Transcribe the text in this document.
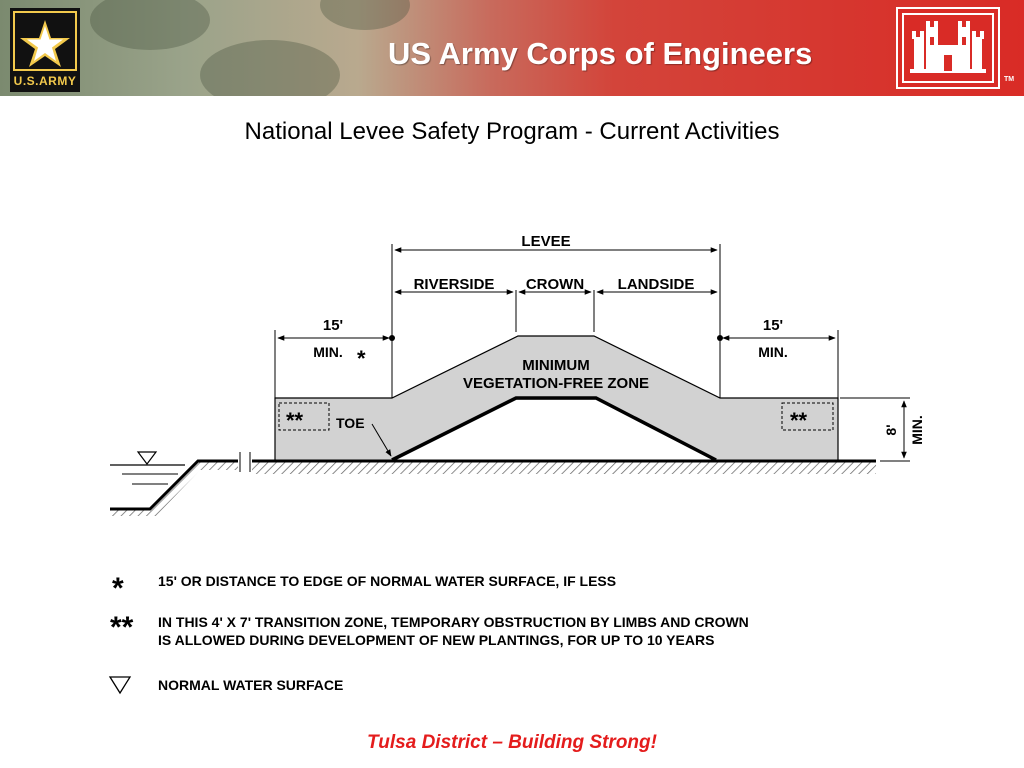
U.S.ARMY
US Army Corps of Engineers
TM
National Levee Safety Program - Current Activities
LEVEE
RIVERSIDE CROWN LANDSIDE
15'
MIN. *
15'
MIN.
MINIMUM
VEGETATION-FREE ZONE
TOE
**	**	8' MIN.
* 15' OR DISTANCE TO EDGE OF NORMAL WATER SURFACE, IF LESS
** IN THIS 4' X 7' TRANSITION ZONE, TEMPORARY OBSTRUCTION BY LIMBS AND CROWN
IS ALLOWED DURING DEVELOPMENT OF NEW PLANTINGS, FOR UP TO 10 YEARS
NORMAL WATER SURFACE
Tulsa District – Building Strong!
